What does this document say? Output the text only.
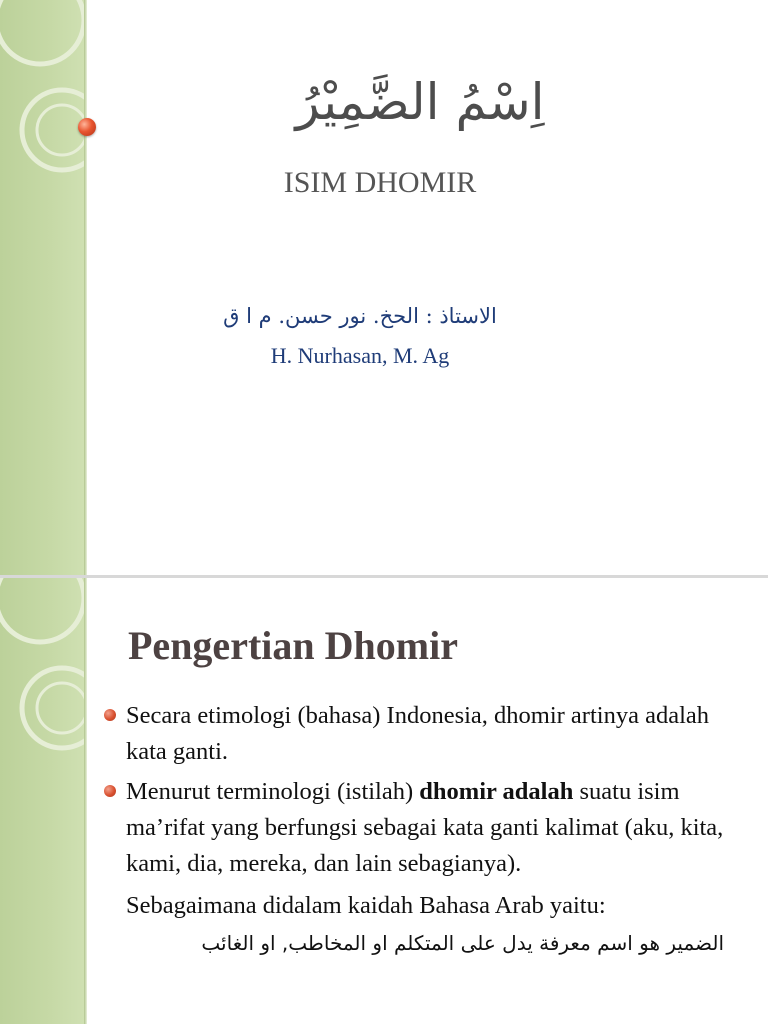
اِسْمُ الضَّمِيْرُ
ISIM DHOMIR
الاستاذ : الحخ. نور حسن. م ا ق
H. Nurhasan, M. Ag
Pengertian Dhomir
Secara etimologi (bahasa) Indonesia, dhomir artinya adalah kata ganti.
Menurut terminologi (istilah) dhomir adalah suatu isim ma’rifat yang berfungsi sebagai kata ganti kalimat (aku, kita, kami, dia, mereka, dan lain sebagianya).
Sebagaimana didalam kaidah Bahasa Arab yaitu:
الضمير هو اسم معرفة يدل على المتكلم او المخاطب, او الغائب
